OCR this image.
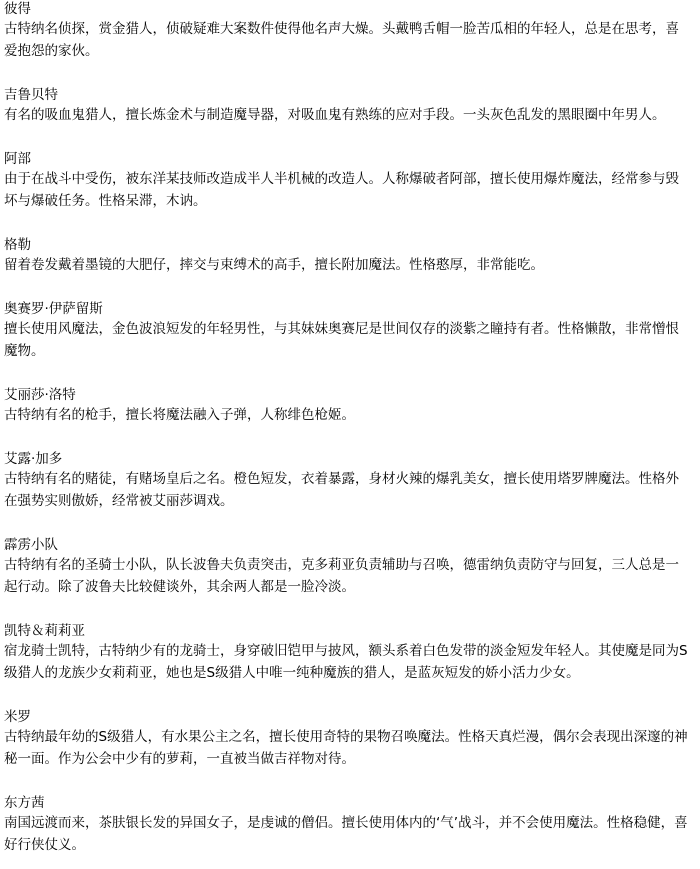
彼得

古特纳名侦探，赏金猎人，侦破疑难大案数件使得他名声大燥。头戴鸭舌帽一脸苦瓜相的年轻人，总是在思考，喜爱抱怨的家伙。

吉鲁贝特

有名的吸血鬼猎人，擅长炼金术与制造魔导器，对吸血鬼有熟练的应对手段。一头灰色乱发的黑眼圈中年男人。

阿部

由于在战斗中受伤，被东洋某技师改造成半人半机械的改造人。人称爆破者阿部，擅长使用爆炸魔法，经常参与毁坏与爆破任务。性格呆滞，木讷。

格勒

留着卷发戴着墨镜的大肥仔，摔交与束缚术的高手，擅长附加魔法。性格憨厚，非常能吃。

奥赛罗·伊萨留斯

擅长使用风魔法，金色波浪短发的年轻男性，与其妹妹奥赛尼是世间仅存的淡紫之瞳持有者。性格懒散，非常憎恨魔物。

艾丽莎·洛特

古特纳有名的枪手，擅长将魔法融入子弹，人称绯色枪姬。

艾露·加多

古特纳有名的赌徒，有赌场皇后之名。橙色短发，衣着暴露，身材火辣的爆乳美女，擅长使用塔罗牌魔法。性格外在强势实则傲娇，经常被艾丽莎调戏。

霹雳小队

古特纳有名的圣骑士小队，队长波鲁夫负责突击，克多莉亚负责辅助与召唤，德雷纳负责防守与回复，三人总是一起行动。除了波鲁夫比较健谈外，其余两人都是一脸冷淡。

凯特＆莉莉亚

宿龙骑士凯特，古特纳少有的龙骑士，身穿破旧铠甲与披风，额头系着白色发带的淡金短发年轻人。其使魔是同为S级猎人的龙族少女莉莉亚，她也是S级猎人中唯一纯种魔族的猎人，是蓝灰短发的娇小活力少女。

米罗

古特纳最年幼的S级猎人，有水果公主之名，擅长使用奇特的果物召唤魔法。性格天真烂漫，偶尔会表现出深邃的神秘一面。作为公会中少有的萝莉，一直被当做吉祥物对待。

东方茜

南国远渡而来，茶肤银长发的异国女子，是虔诚的僧侣。擅长使用体内的‘气’战斗，并不会使用魔法。性格稳健，喜好行侠仗义。
